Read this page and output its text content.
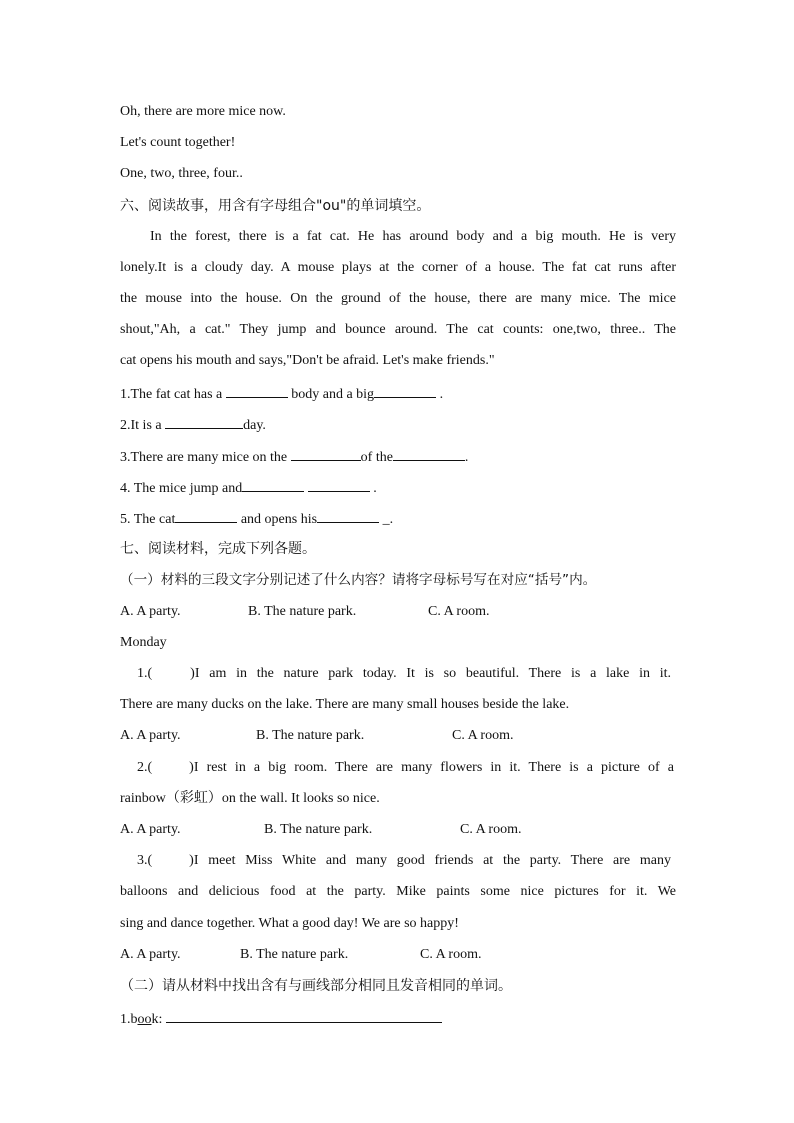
Oh, there are more mice now.
Let's count together!
One, two, three, four..
六、阅读故事，用含有字母组合"ou"的单词填空。
In the forest, there is a fat cat. He has around body and a big mouth. He is very
lonely.It is a cloudy day. A mouse plays at the corner of a house. The fat cat runs after
the mouse into the house. On the ground of the house, there are many mice. The mice
shout,"Ah, a cat." They jump and bounce around. The cat counts: one,two, three.. The
cat opens his mouth and says,"Don't be afraid. Let's make friends."
1.The fat cat has a	body and a big	.
2.It is a	day.
3.There are many mice on the	of the	.
4. The mice jump and	.
5. The cat	and opens his	_.
七、阅读材料，完成下列各题。
（一）材料的三段文字分别记述了什么内容？请将字母标号写在对应“括号”内。
A. A party.	B. The nature park.	C. A room.
Monday
1.(	)I am in the nature park today. It is so beautiful. There is a lake in it.
There are many ducks on the lake. There are many small houses beside the lake.
A. A party.	B. The nature park.	C. A room.
2.(	)I rest in a big room. There are many flowers in it. There is a picture of a
rainbow（彩虹）on the wall. It looks so nice.
A. A party.	B. The nature park.	C. A room.
3.(	)I meet Miss White and many good friends at the party. There are many
balloons and delicious food at the party. Mike paints some nice pictures for it. We
sing and dance together. What a good day! We are so happy!
A. A party.	B. The nature park.	C. A room.
（二）请从材料中找出含有与画线部分相同且发音相同的单词。
1.book:
